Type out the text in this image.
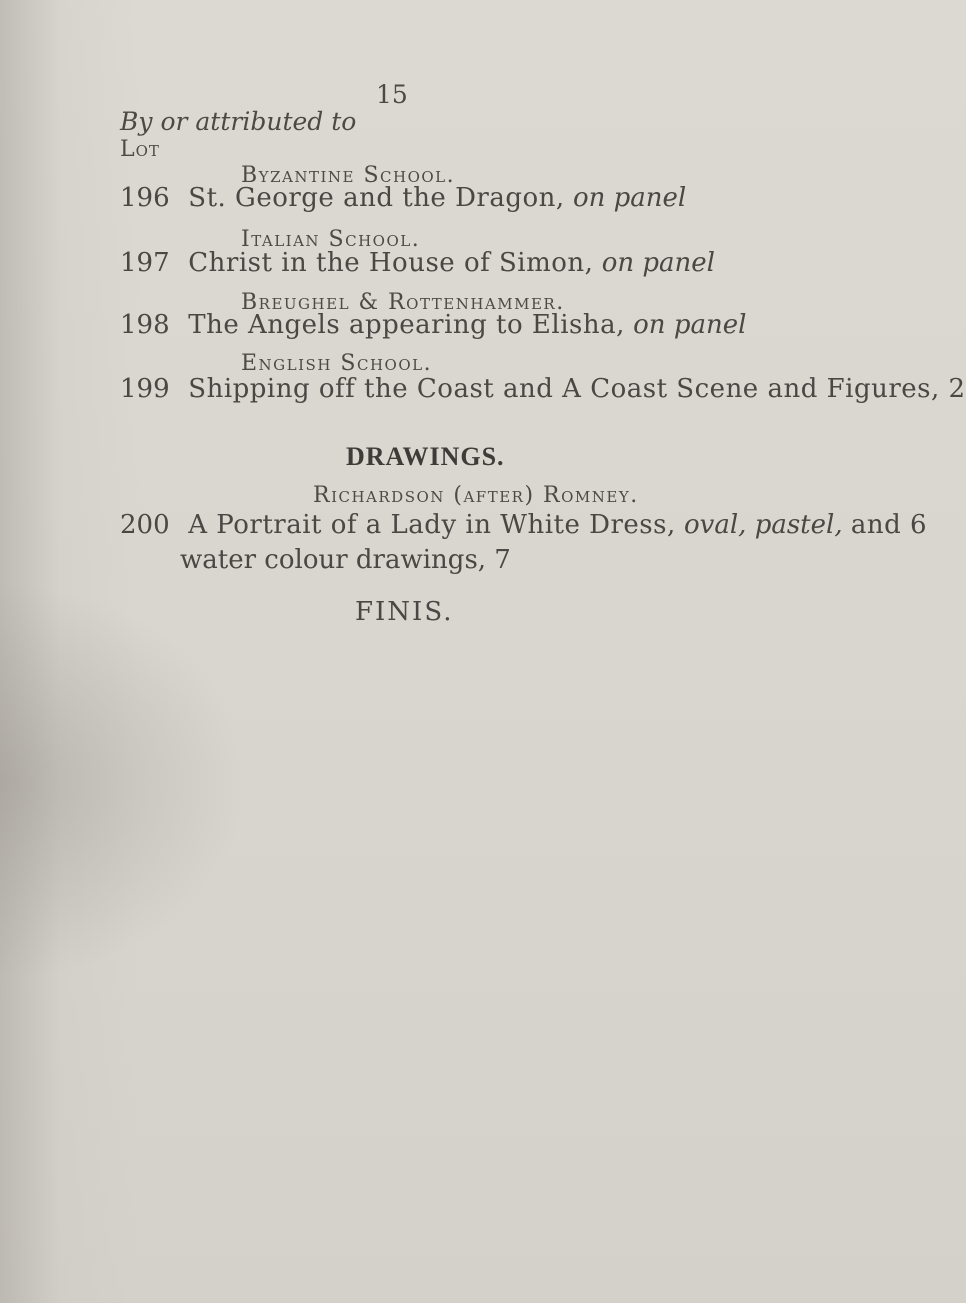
15
By or attributed to
Lot
Byzantine School.
196 St. George and the Dragon, on panel
Italian School.
197 Christ in the House of Simon, on panel
Breughel & Rottenhammer.
198 The Angels appearing to Elisha, on panel
English School.
199 Shipping off the Coast and A Coast Scene and Figures, 2
DRAWINGS.
Richardson (after) Romney.
200 A Portrait of a Lady in White Dress, oval, pastel, and 6
water colour drawings, 7
FINIS.
